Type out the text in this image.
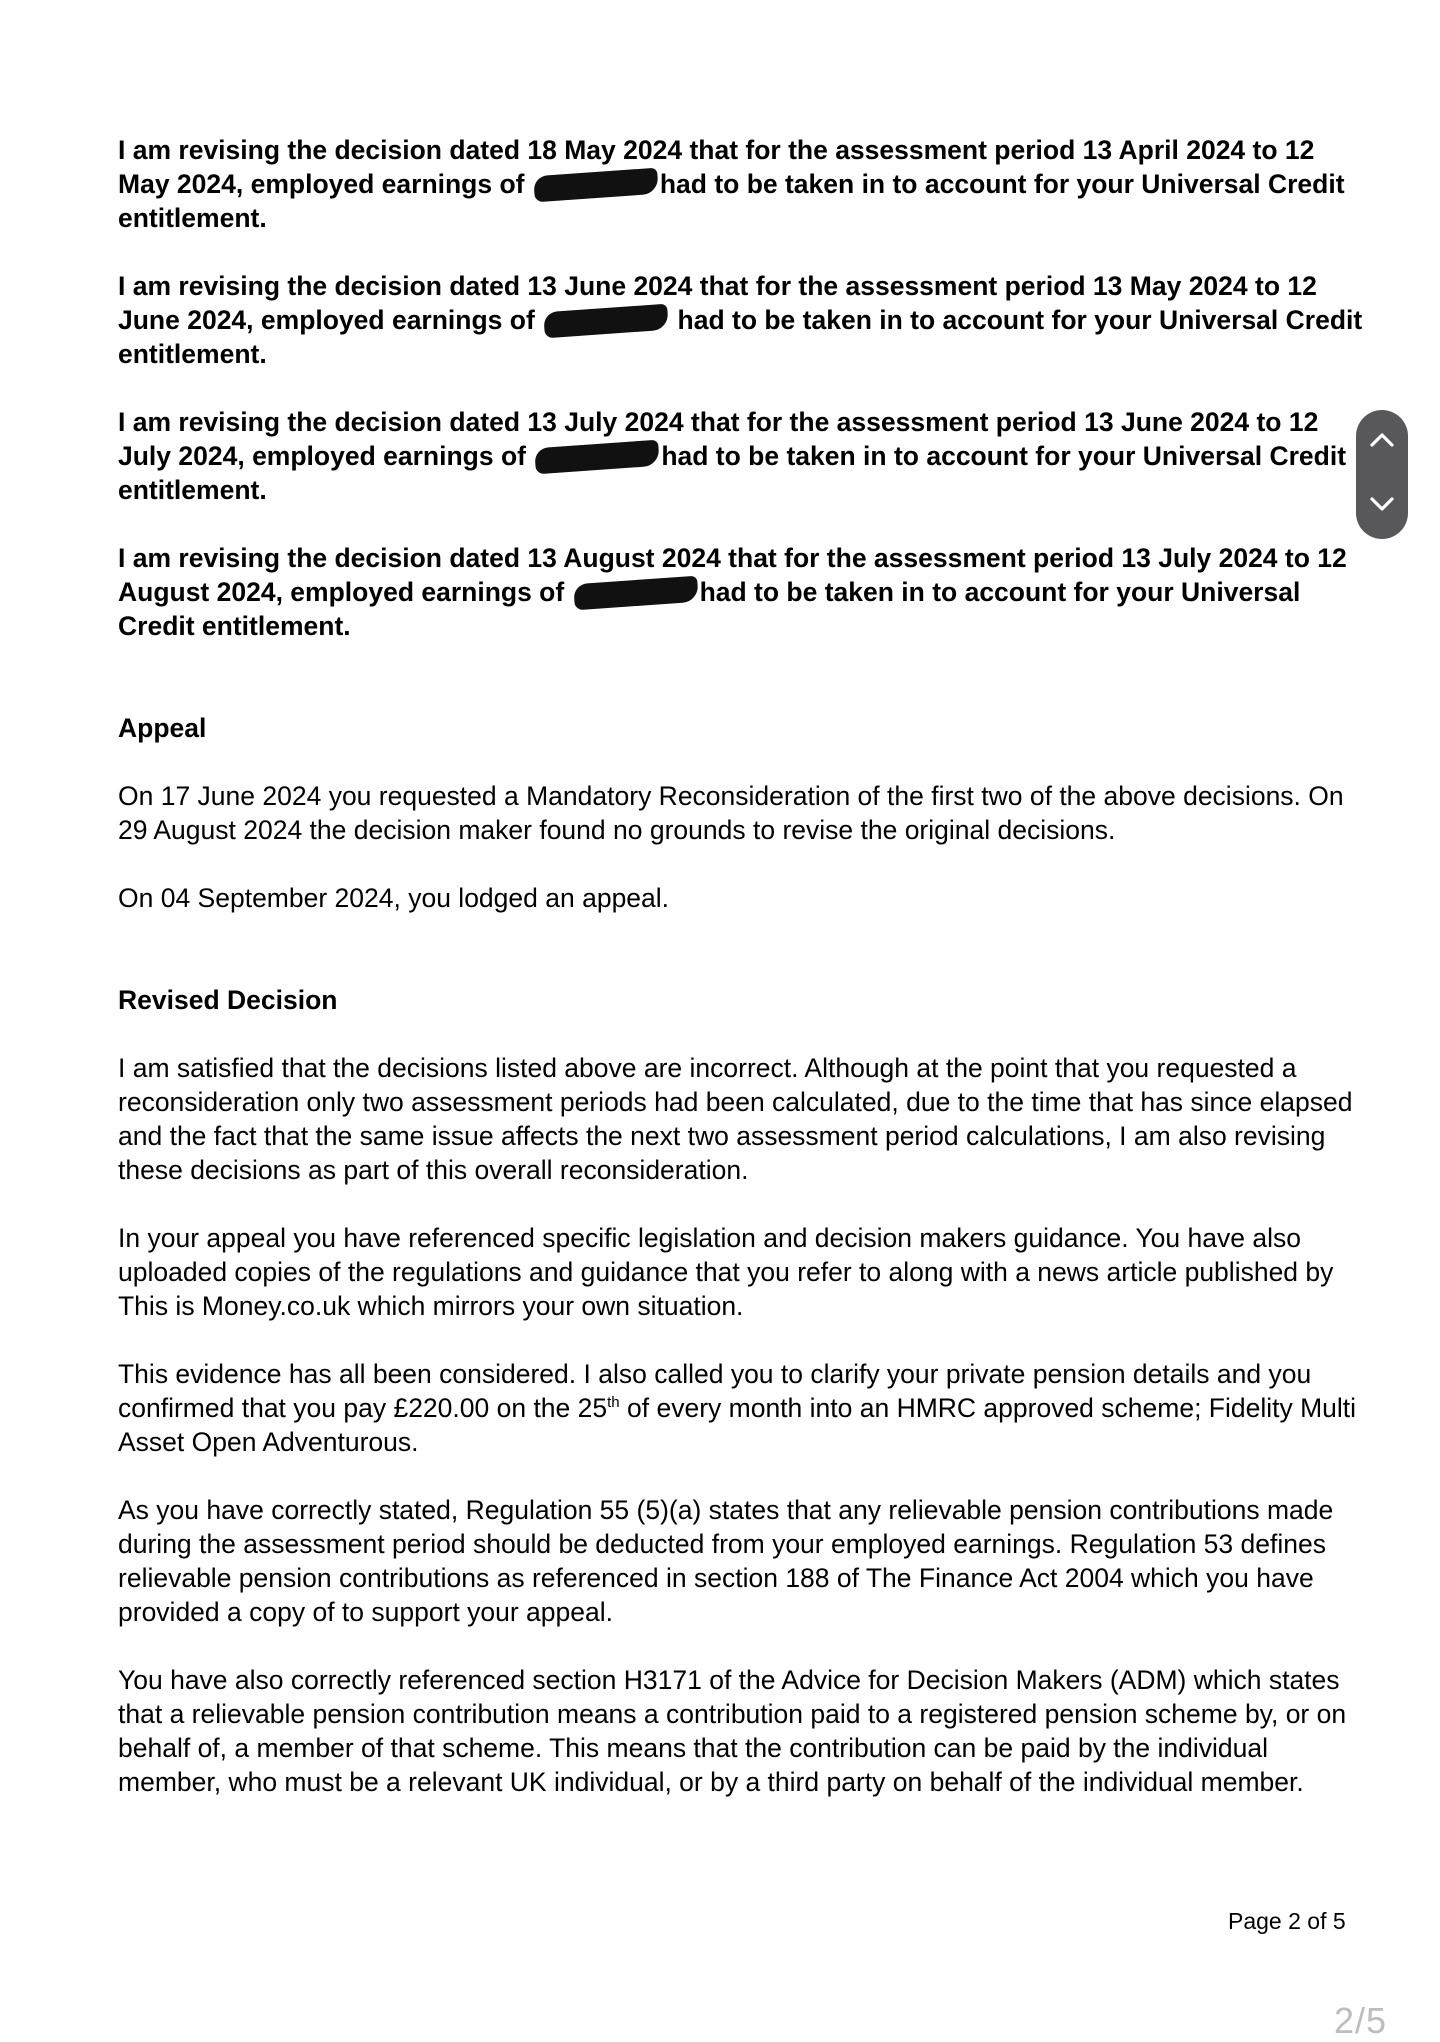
I am revising the decision dated 18 May 2024 that for the assessment period 13 April 2024 to 12 May 2024, employed earnings of	had to be taken in to account for your Universal Credit entitlement.

I am revising the decision dated 13 June 2024 that for the assessment period 13 May 2024 to 12 June 2024, employed earnings of	had to be taken in to account for your Universal Credit entitlement.

I am revising the decision dated 13 July 2024 that for the assessment period 13 June 2024 to 12 July 2024, employed earnings of	had to be taken in to account for your Universal Credit entitlement.

I am revising the decision dated 13 August 2024 that for the assessment period 13 July 2024 to 12 August 2024, employed earnings of	had to be taken in to account for your Universal Credit entitlement.

Appeal

On 17 June 2024 you requested a Mandatory Reconsideration of the first two of the above decisions. On 29 August 2024 the decision maker found no grounds to revise the original decisions.

On 04 September 2024, you lodged an appeal.

Revised Decision

I am satisfied that the decisions listed above are incorrect. Although at the point that you requested a reconsideration only two assessment periods had been calculated, due to the time that has since elapsed and the fact that the same issue affects the next two assessment period calculations, I am also revising these decisions as part of this overall reconsideration.

In your appeal you have referenced specific legislation and decision makers guidance. You have also uploaded copies of the regulations and guidance that you refer to along with a news article published by This is Money.co.uk which mirrors your own situation.

This evidence has all been considered. I also called you to clarify your private pension details and you confirmed that you pay £220.00 on the 25th of every month into an HMRC approved scheme; Fidelity Multi Asset Open Adventurous.

As you have correctly stated, Regulation 55 (5)(a) states that any relievable pension contributions made during the assessment period should be deducted from your employed earnings. Regulation 53 defines relievable pension contributions as referenced in section 188 of The Finance Act 2004 which you have provided a copy of to support your appeal.

You have also correctly referenced section H3171 of the Advice for Decision Makers (ADM) which states that a relievable pension contribution means a contribution paid to a registered pension scheme by, or on behalf of, a member of that scheme. This means that the contribution can be paid by the individual member, who must be a relevant UK individual, or by a third party on behalf of the individual member.

Page 2 of 5
2/5
